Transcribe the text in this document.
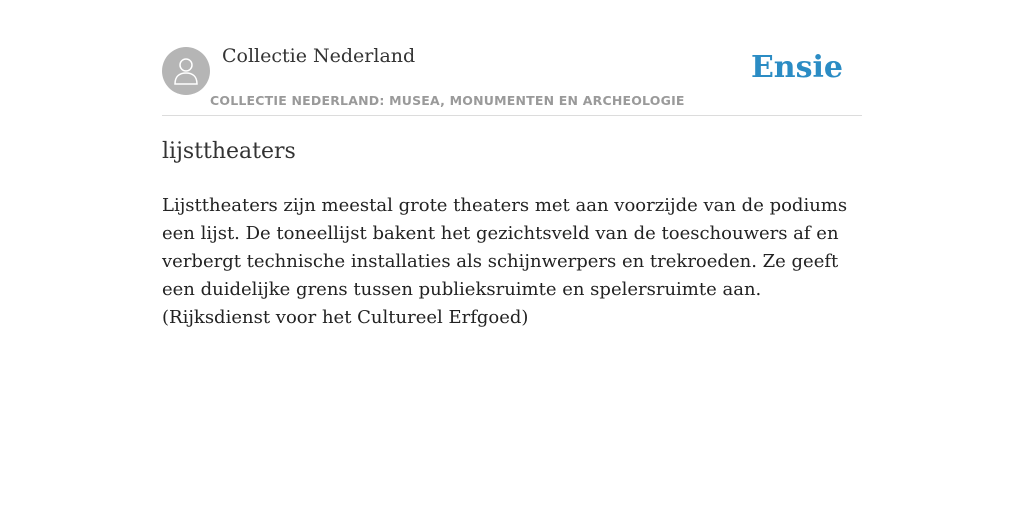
Collectie Nederland
COLLECTIE NEDERLAND: MUSEA, MONUMENTEN EN ARCHEOLOGIE
Ensie
lijsttheaters

Lijsttheaters zijn meestal grote theaters met aan voorzijde van de podiums een lijst. De toneellijst bakent het gezichtsveld van de toeschouwers af en verbergt technische installaties als schijnwerpers en trekroeden. Ze geeft een duidelijke grens tussen publieksruimte en spelersruimte aan. (Rijksdienst voor het Cultureel Erfgoed)
